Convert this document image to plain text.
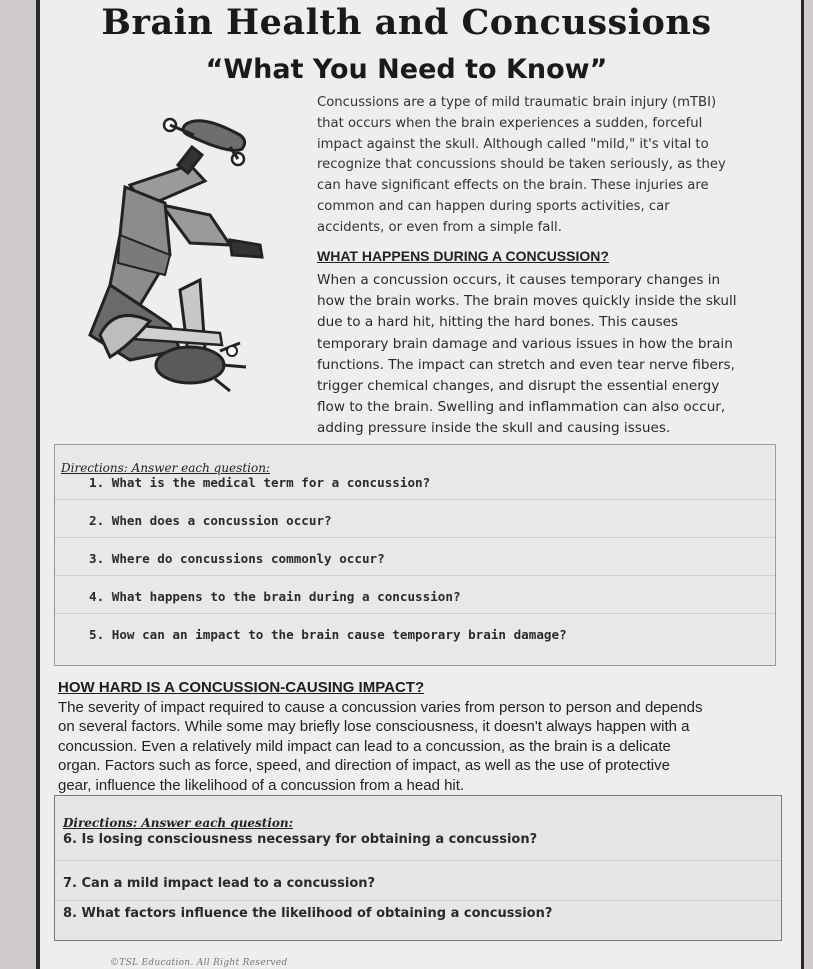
Brain Health and Concussions
“What You Need to Know”
Concussions are a type of mild traumatic brain injury (mTBI)
that occurs when the brain experiences a sudden, forceful
impact against the skull. Although called "mild," it's vital to
recognize that concussions should be taken seriously, as they
can have significant effects on the brain. These injuries are
common and can happen during sports activities, car
accidents, or even from a simple fall.
WHAT HAPPENS DURING A CONCUSSION?
When a concussion occurs, it causes temporary changes in
how the brain works. The brain moves quickly inside the skull
due to a hard hit, hitting the hard bones. This causes
temporary brain damage and various issues in how the brain
functions. The impact can stretch and even tear nerve fibers,
trigger chemical changes, and disrupt the essential energy
flow to the brain. Swelling and inflammation can also occur,
adding pressure inside the skull and causing issues.
Directions: Answer each question:
1. What is the medical term for a concussion?
2. When does a concussion occur?
3. Where do concussions commonly occur?
4. What happens to the brain during a concussion?
5. How can an impact to the brain cause temporary brain damage?
HOW HARD IS A CONCUSSION-CAUSING IMPACT?
The severity of impact required to cause a concussion varies from person to person and depends
on several factors. While some may briefly lose consciousness, it doesn't always happen with a
concussion. Even a relatively mild impact can lead to a concussion, as the brain is a delicate
organ. Factors such as force, speed, and direction of impact, as well as the use of protective
gear, influence the likelihood of a concussion from a head hit.
Directions: Answer each question:
6. Is losing consciousness necessary for obtaining a concussion?
7. Can a mild impact lead to a concussion?
8. What factors influence the likelihood of obtaining a concussion?
©TSL Education. All Right Reserved
